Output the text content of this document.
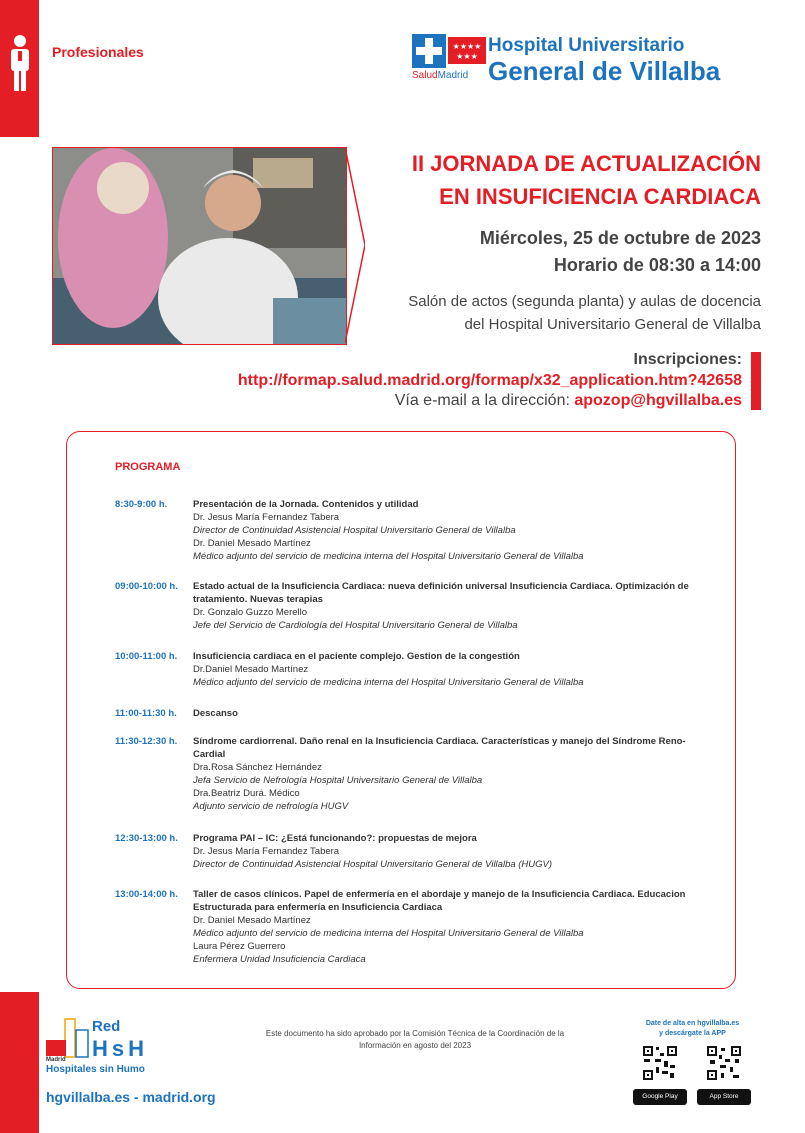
Profesionales	★★★★
★★★
SaludMadrid
Hospital Universitario
General de Villalba
II JORNADA DE ACTUALIZACIÓN
EN INSUFICIENCIA CARDIACA
Miércoles, 25 de octubre de 2023
Horario de 08:30 a 14:00
Salón de actos (segunda planta) y aulas de docencia
del Hospital Universitario General de Villalba
Inscripciones:
http://formap.salud.madrid.org/formap/x32_application.htm?42658
Vía e-mail a la dirección: apozop@hgvillalba.es
PROGRAMA
8:30-9:00 h.	Presentación de la Jornada. Contenidos y utilidad
Dr. Jesus María Fernandez Tabera
Director de Continuidad Asistencial Hospital Universitario General de Villalba
Dr. Daniel Mesado Martínez
Médico adjunto del servicio de medicina interna del Hospital Universitario General de Villalba
09:00-10:00 h. Estado actual de la Insuficiencia Cardiaca: nueva definición universal Insuficiencia Cardiaca. Optimización de tratamiento. Nuevas terapias
Dr. Gonzalo Guzzo Merello
Jefe del Servicio de Cardiología del Hospital Universitario General de Villalba
10:00-11:00 h. Insuficiencia cardiaca en el paciente complejo. Gestion de la congestión
Dr.Daniel Mesado Martínez
Médico adjunto del servicio de medicina interna del Hospital Universitario General de Villalba
11:00-11:30 h. Descanso
11:30-12:30 h. Síndrome cardiorrenal. Daño renal en la Insuficiencia Cardiaca. Características y manejo del Síndrome Reno- Cardial
Dra.Rosa Sánchez Hernández
Jefa Servicio de Nefrología Hospital Universitario General de Villalba
Dra.Beatriz Durá. Médico
Adjunto servicio de nefrología HUGV
12:30-13:00 h. Programa PAI – IC: ¿Está funcionando?: propuestas de mejora
Dr. Jesus María Fernandez Tabera
Director de Continuidad Asistencial Hospital Universitario General de Villalba (HUGV)
13:00-14:00 h. Taller de casos clínicos. Papel de enfermería en el abordaje y manejo de la Insuficiencia Cardiaca. Educacion Estructurada para enfermería en Insuficiencia Cardiaca
Dr. Daniel Mesado Martínez
Médico adjunto del servicio de medicina interna del Hospital Universitario General de Villalba
Laura Pérez Guerrero
Enfermera Unidad Insuficiencia Cardiaca
Madrid
Red
HsH
Hospitales sin Humo
hgvillalba.es - madrid.org
Este documento ha sido aprobado por la Comisión Técnica de la Coordinación de la Información en agosto del 2023
Date de alta en hgvillalba.es
y descárgate la APP
Google Play	App Store
